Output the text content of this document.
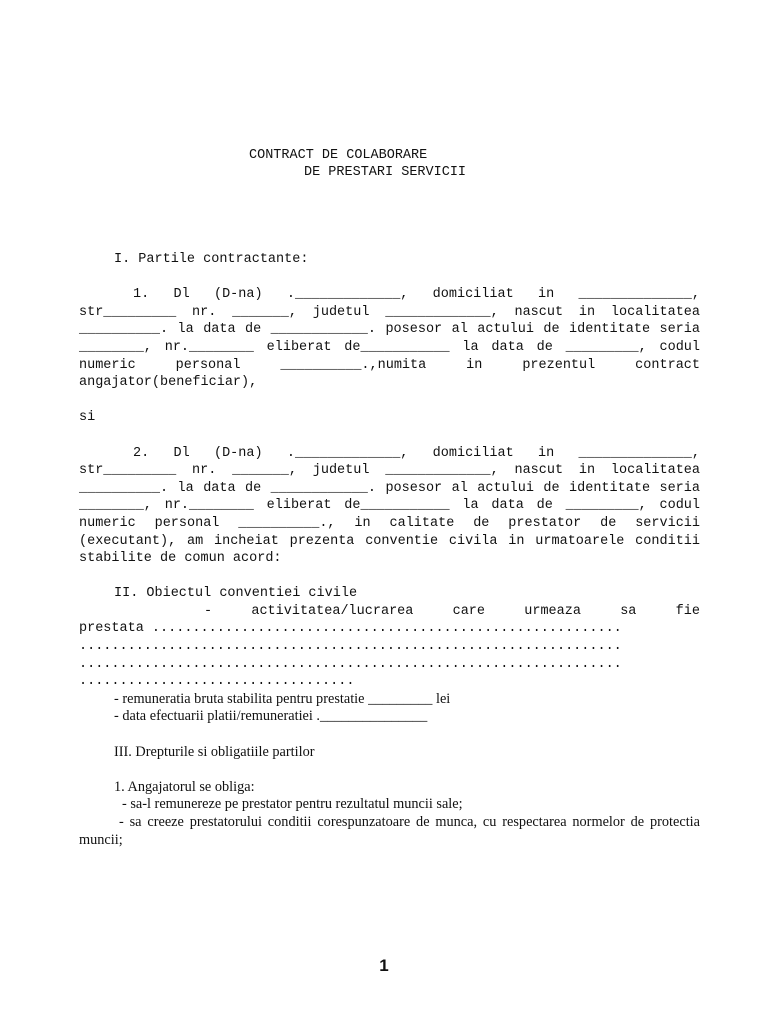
CONTRACT DE COLABORARE
DE PRESTARI SERVICII
I. Partile contractante:
1. Dl (D-na) ._____________, domiciliat in ______________, str_________ nr. _______, judetul _____________, nascut in localitatea __________. la data de ____________. posesor al actului de identitate seria ________, nr.________ eliberat de___________ la data de _________, codul numeric personal __________.,numita in prezentul contract angajator(beneficiar),
si
2. Dl (D-na) ._____________, domiciliat in ______________, str_________ nr. _______, judetul _____________, nascut in localitatea __________. la data de ____________. posesor al actului de identitate seria ________, nr.________ eliberat de___________ la data de _________, codul numeric personal __________., in calitate de prestator de servicii (executant), am incheiat prezenta conventie civila in urmatoarele conditii stabilite de comun acord:
II. Obiectul conventiei civile
-	activitatea/lucrarea	care	urmeaza	sa	fie
prestata ..........................................................
...................................................................
...................................................................
..................................
- remuneratia bruta stabilita pentru prestatie _________ lei
- data efectuarii platii/remuneratiei ._______________
III. Drepturile si obligatiile partilor
1. Angajatorul se obliga:
- sa-l remunereze pe prestator pentru rezultatul muncii sale;
- sa creeze prestatorului conditii corespunzatoare de munca, cu respectarea normelor de protectia muncii;
1
